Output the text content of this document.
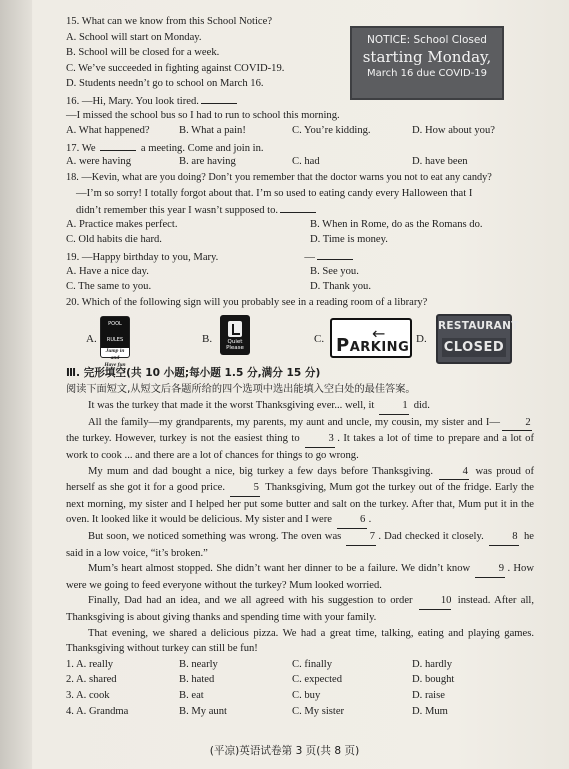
15. What can we know from this School Notice?
A. School will start on Monday.
B. School will be closed for a week.
C. We’ve succeeded in fighting against COVID-19.
D. Students needn’t go to school on March 16.
16. —Hi, Mary. You look tired.
—I missed the school bus so I had to run to school this morning.
A. What happened?	B. What a pain!	C. You’re kidding.	D. How about you?
17. We	a meeting. Come and join in.
A. were having	B. are having	C. had	D. have been
18. —Kevin, what are you doing? Don’t you remember that the doctor warns you not to eat any candy?
—I’m so sorry! I totally forgot about that. I’m so used to eating candy every Halloween that I
didn’t remember this year I wasn’t supposed to.
A. Practice makes perfect.	B. When in Rome, do as the Romans do.
C. Old habits die hard.	D. Time is money.
19. —Happy birthday to you, Mary.	—
A. Have a nice day.	B. See you.
C. The same to you.	D. Thank you.
20. Which of the following sign will you probably see in a reading room of a library?
A.
POOL RULES
Jump in
and
Have fun
B.	Quiet
Please
C.	←
PARKING
D.
RESTAURANT
CLOSED
Ⅲ. 完形填空(共 10 小题;每小题 1.5 分,满分 15 分)
阅读下面短文,从短文后各题所给的四个选项中选出能填入空白处的最佳答案。
It was the turkey that made it the worst Thanksgiving ever... well, it	1 did.
All the family—my grandparents, my parents, my aunt and uncle, my cousin, my sister and I— 2 the turkey. However, turkey is not the easiest thing to	3 . It takes a lot of time to prepare and a lot of work to cook ... and there are a lot of chances for things to go wrong.
My mum and dad bought a nice, big turkey a few days before Thanksgiving.	4 was proud of herself as she got it for a good price.	5 Thanksgiving, Mum got the turkey out of the fridge. Early the next morning, my sister and I helped her put some butter and salt on the turkey. After that, Mum put it in the oven. It looked like it would be delicious. My sister and I were	6 .
But soon, we noticed something was wrong. The oven was	7 . Dad checked it closely.	8 he said in a low voice, “it’s broken.”
Mum’s heart almost stopped. She didn’t want her dinner to be a failure. We didn’t know	9 . How were we going to feed everyone without the turkey? Mum looked worried.
Finally, Dad had an idea, and we all agreed with his suggestion to order	10 instead. After all, Thanksgiving is about giving thanks and spending time with your family.
That evening, we shared a delicious pizza. We had a great time, talking, eating and playing games. Thanksgiving without turkey can still be fun!
1. A. really	B. nearly	C. finally	D. hardly
2. A. shared	B. hated	C. expected	D. bought
3. A. cook	B. eat	C. buy	D. raise
4. A. Grandma	B. My aunt	C. My sister	D. Mum
NOTICE: School Closed
starting Monday,
March 16 due COVID-19
(平凉)英语试卷第 3 页(共 8 页)
